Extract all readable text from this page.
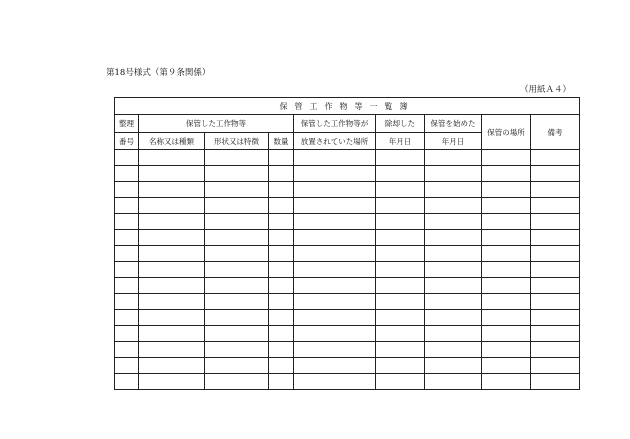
第18号様式（第９条関係）
（用紙Ａ４）
保管工作物等一覧簿								
整理	保管した工作物等			保管した工作物等が	除却した	保管を始めた	保管の場所	備考
番号	名称又は種類	形状又は特徴	数量	放置されていた場所	年月日	年月日		
